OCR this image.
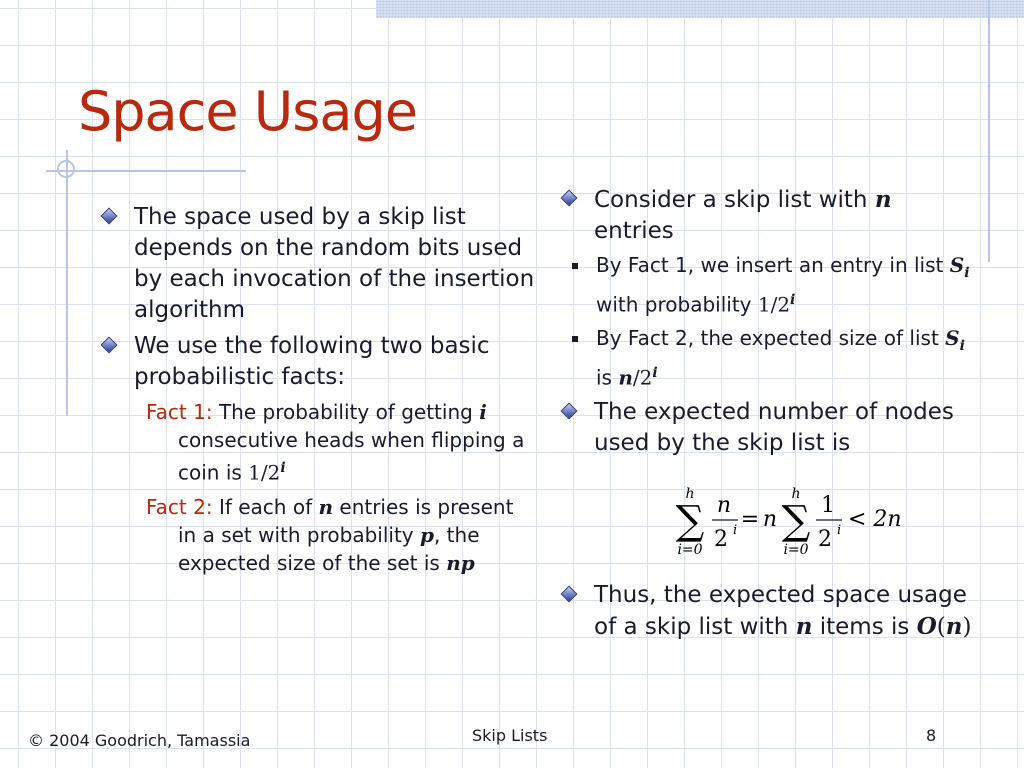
Space Usage
The space used by a skip list depends on the random bits used by each invocation of the insertion algorithm
We use the following two basic probabilistic facts:
Fact 1: The probability of getting i consecutive heads when flipping a coin is 1/2$^i$
Fact 2: If each of n entries is present in a set with probability p, the expected size of the set is np
Consider a skip list with n entries
By Fact 1, we insert an entry in list $S_i$ with probability 1/2$^i$
By Fact 2, the expected size of list $S_i$ is n/2$^i$
The expected number of nodes used by the skip list is
h
∑
i=0
n
2 i = n
h
∑
i=0
1
2 i < 2n
Thus, the expected space usage of a skip list with n items is O(n)
© 2004 Goodrich, Tamassia	Skip Lists	8
